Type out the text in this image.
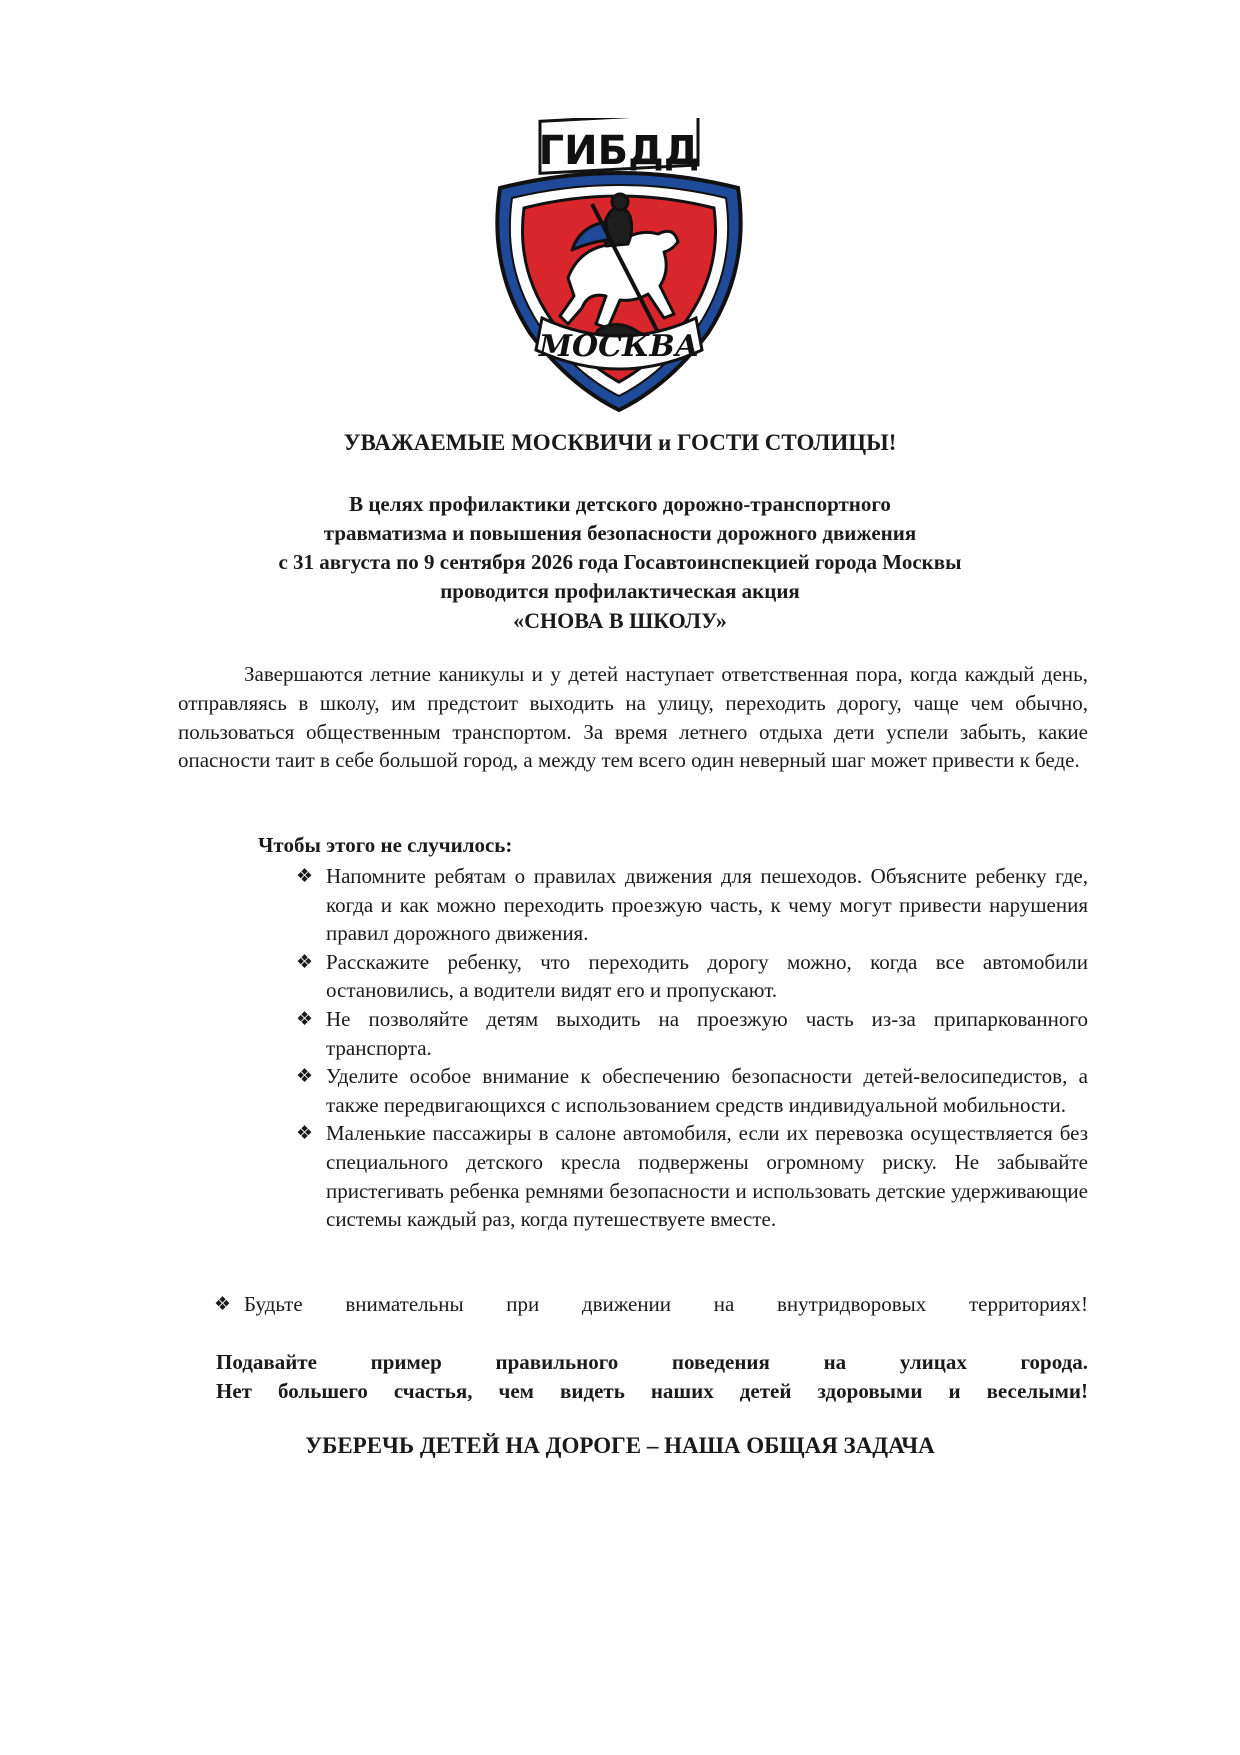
ГИБДД
МОСКВА
УВАЖАЕМЫЕ МОСКВИЧИ и ГОСТИ СТОЛИЦЫ!
В целях профилактики детского дорожно-транспортного
травматизма и повышения безопасности дорожного движения
с 31 августа по 9 сентября 2026 года Госавтоинспекцией города Москвы
проводится профилактическая акция
«СНОВА В ШКОЛУ»

Завершаются летние каникулы и у детей наступает ответственная пора, когда каждый день, отправляясь в школу, им предстоит выходить на улицу, переходить дорогу, чаще чем обычно, пользоваться общественным транспортом. За время летнего отдыха дети успели забыть, какие опасности таит в себе большой город, а между тем всего один неверный шаг может привести к беде.

Чтобы этого не случилось:

❖ Напомните ребятам о правилах движения для пешеходов. Объясните ребенку где, когда и как можно переходить проезжую часть, к чему могут привести нарушения правил дорожного движения.
❖ Расскажите ребенку, что переходить дорогу можно, когда все автомобили остановились, а водители видят его и пропускают.
❖ Не позволяйте детям выходить на проезжую часть из-за припаркованного транспорта.
❖ Уделите особое внимание к обеспечению безопасности детей-велосипедистов, а также передвигающихся с использованием средств индивидуальной мобильности.
❖ Маленькие пассажиры в салоне автомобиля, если их перевозка осуществляется без специального детского кресла подвержены огромному риску. Не забывайте пристегивать ребенка ремнями безопасности и использовать детские удерживающие системы каждый раз, когда путешествуете вместе.
❖ Будьте внимательны при движении на внутридворовых территориях!
Подавайте пример правильного поведения на улицах города.
Нет большего счастья, чем видеть наших детей здоровыми и веселыми!
УБЕРЕЧЬ ДЕТЕЙ НА ДОРОГЕ – НАША ОБЩАЯ ЗАДАЧА
